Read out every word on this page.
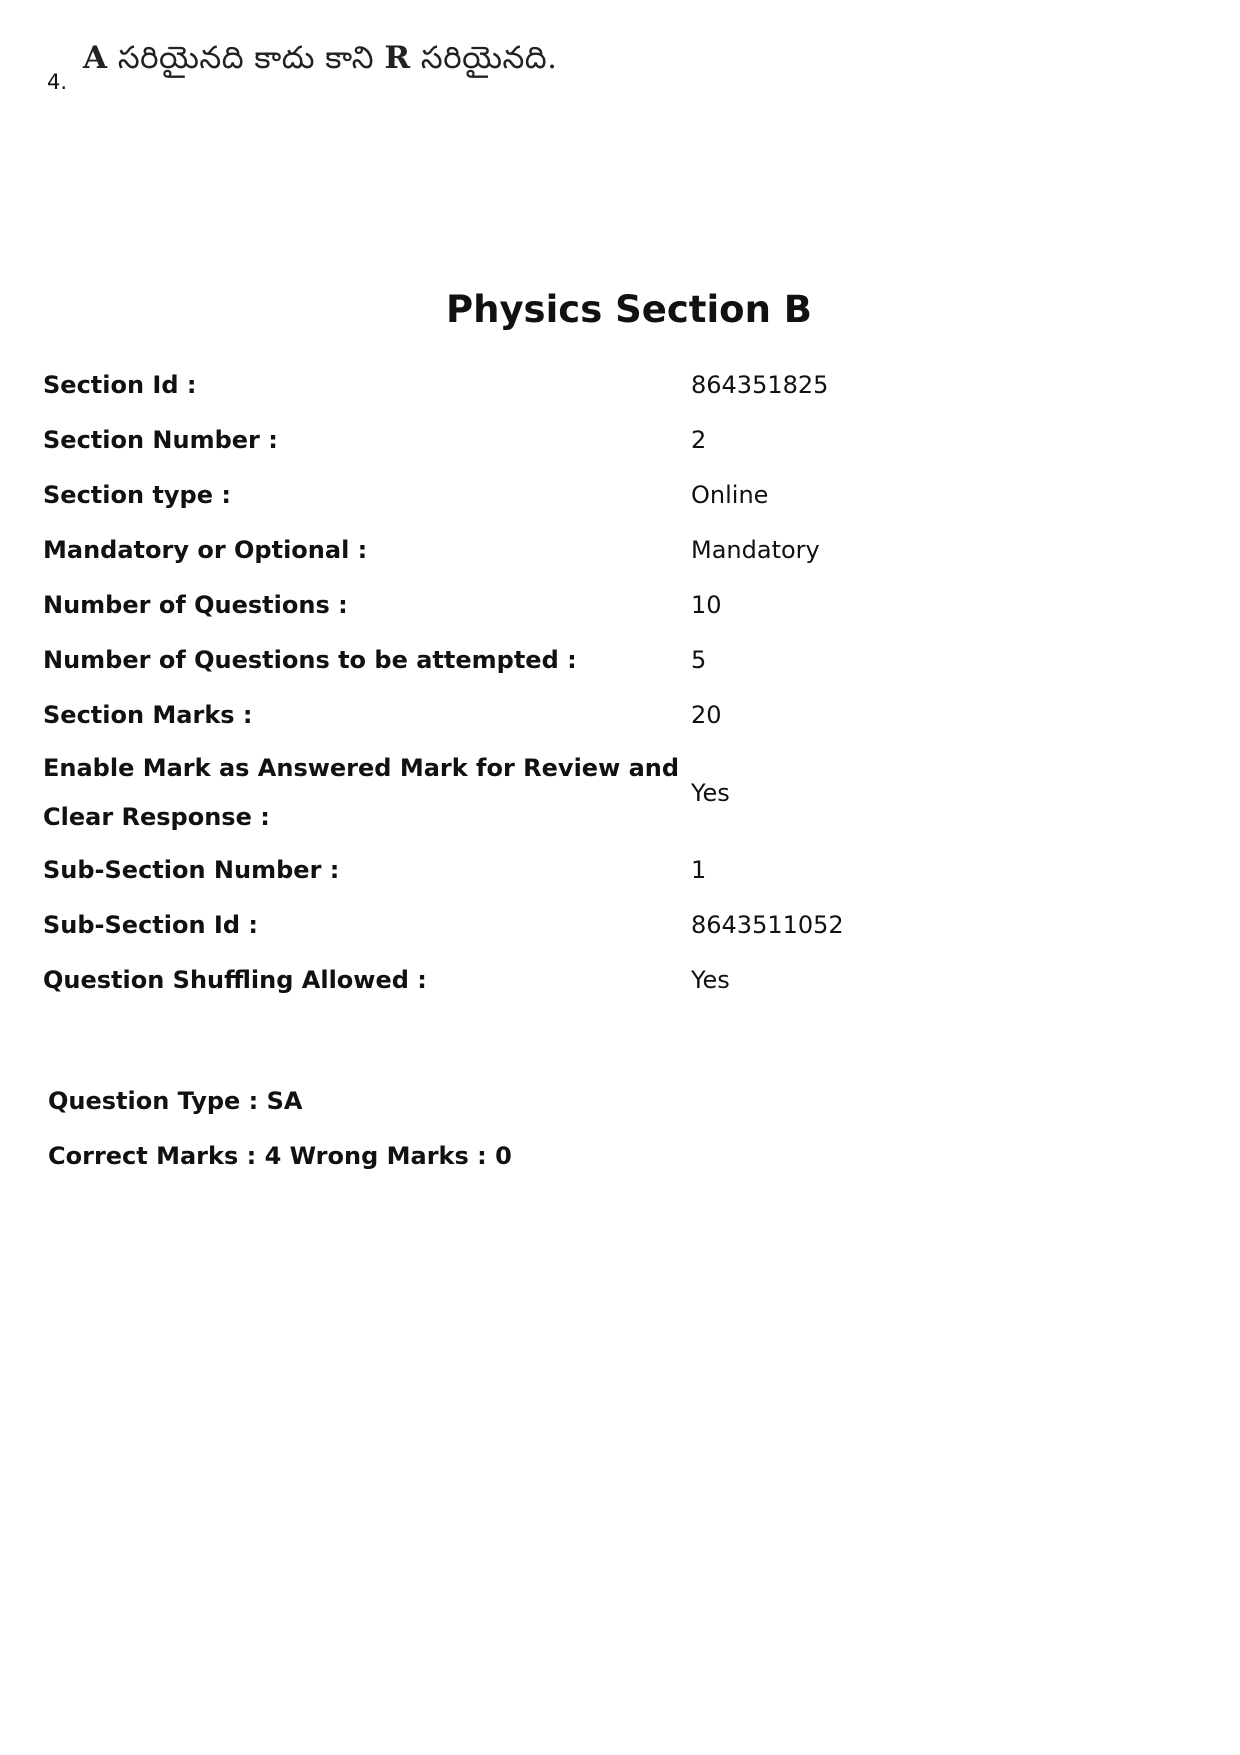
4.
A సరియైనది కాదు కాని R సరియైనది.
Physics Section B
Section Id :	864351825
Section Number :	2
Section type :	Online
Mandatory or Optional :	Mandatory
Number of Questions :	10
Number of Questions to be attempted :	5
Section Marks :	20
Enable Mark as Answered Mark for Review and Clear Response :	Yes
Sub-Section Number :	1
Sub-Section Id :	8643511052
Question Shuffling Allowed :	Yes
Question Type : SA
Correct Marks : 4 Wrong Marks : 0
